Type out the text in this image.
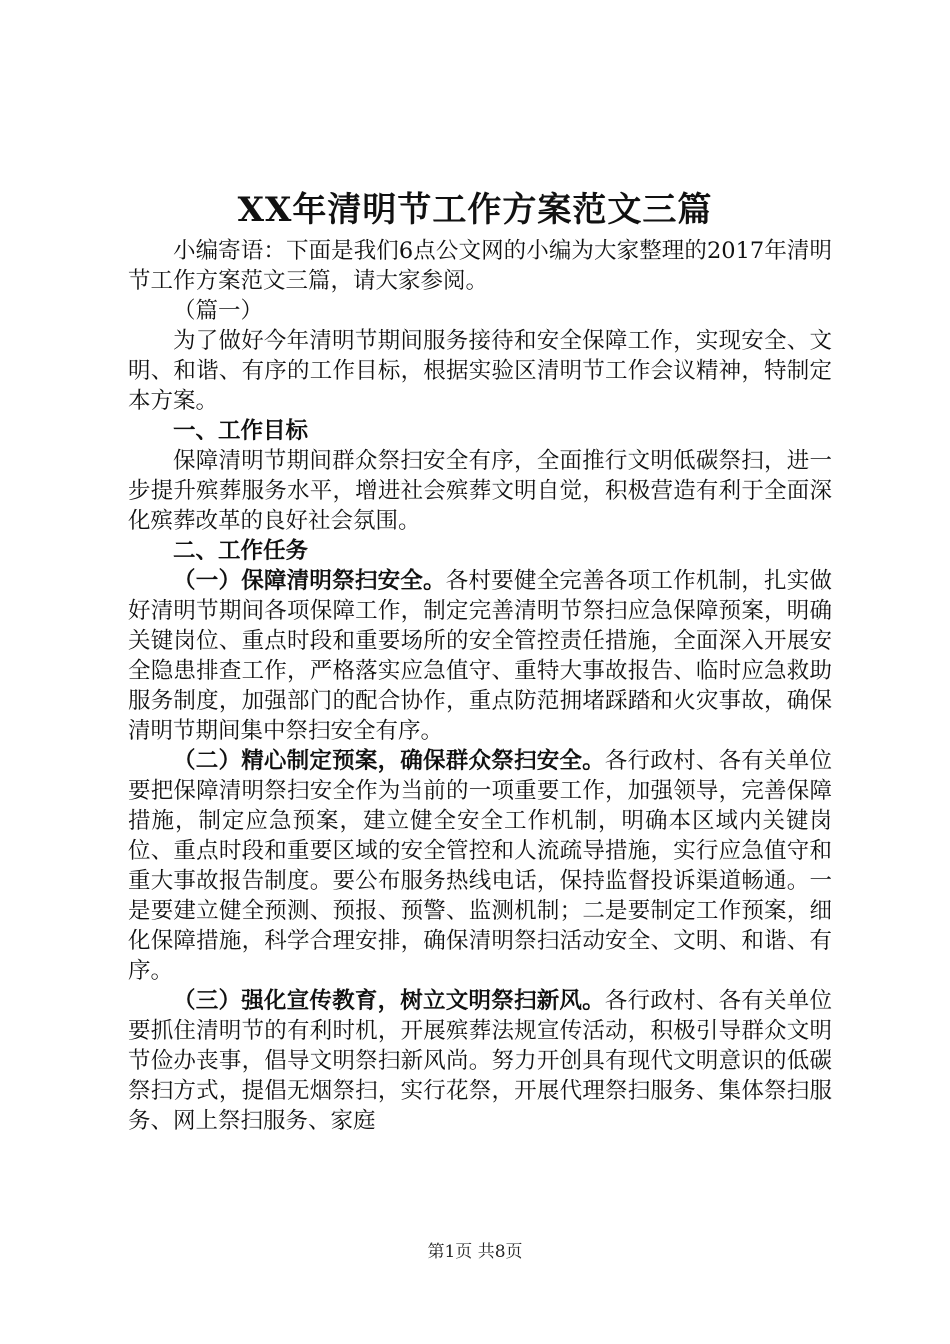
XX年清明节工作方案范文三篇

小编寄语：下面是我们6点公文网的小编为大家整理的2017年清明节工作方案范文三篇，请大家参阅。

（篇一）

为了做好今年清明节期间服务接待和安全保障工作，实现安全、文明、和谐、有序的工作目标，根据实验区清明节工作会议精神，特制定本方案。

一、工作目标

保障清明节期间群众祭扫安全有序，全面推行文明低碳祭扫，进一步提升殡葬服务水平，增进社会殡葬文明自觉，积极营造有利于全面深化殡葬改革的良好社会氛围。

二、工作任务

（一）保障清明祭扫安全。各村要健全完善各项工作机制，扎实做好清明节期间各项保障工作，制定完善清明节祭扫应急保障预案，明确关键岗位、重点时段和重要场所的安全管控责任措施，全面深入开展安全隐患排查工作，严格落实应急值守、重特大事故报告、临时应急救助服务制度，加强部门的配合协作，重点防范拥堵踩踏和火灾事故，确保清明节期间集中祭扫安全有序。

（二）精心制定预案，确保群众祭扫安全。各行政村、各有关单位要把保障清明祭扫安全作为当前的一项重要工作，加强领导，完善保障措施，制定应急预案，建立健全安全工作机制，明确本区域内关键岗位、重点时段和重要区域的安全管控和人流疏导措施，实行应急值守和重大事故报告制度。要公布服务热线电话，保持监督投诉渠道畅通。一是要建立健全预测、预报、预警、监测机制；二是要制定工作预案，细化保障措施，科学合理安排，确保清明祭扫活动安全、文明、和谐、有序。

（三）强化宣传教育，树立文明祭扫新风。各行政村、各有关单位要抓住清明节的有利时机，开展殡葬法规宣传活动，积极引导群众文明节俭办丧事，倡导文明祭扫新风尚。努力开创具有现代文明意识的低碳祭扫方式，提倡无烟祭扫，实行花祭，开展代理祭扫服务、集体祭扫服务、网上祭扫服务、家庭

第1页 共8页
